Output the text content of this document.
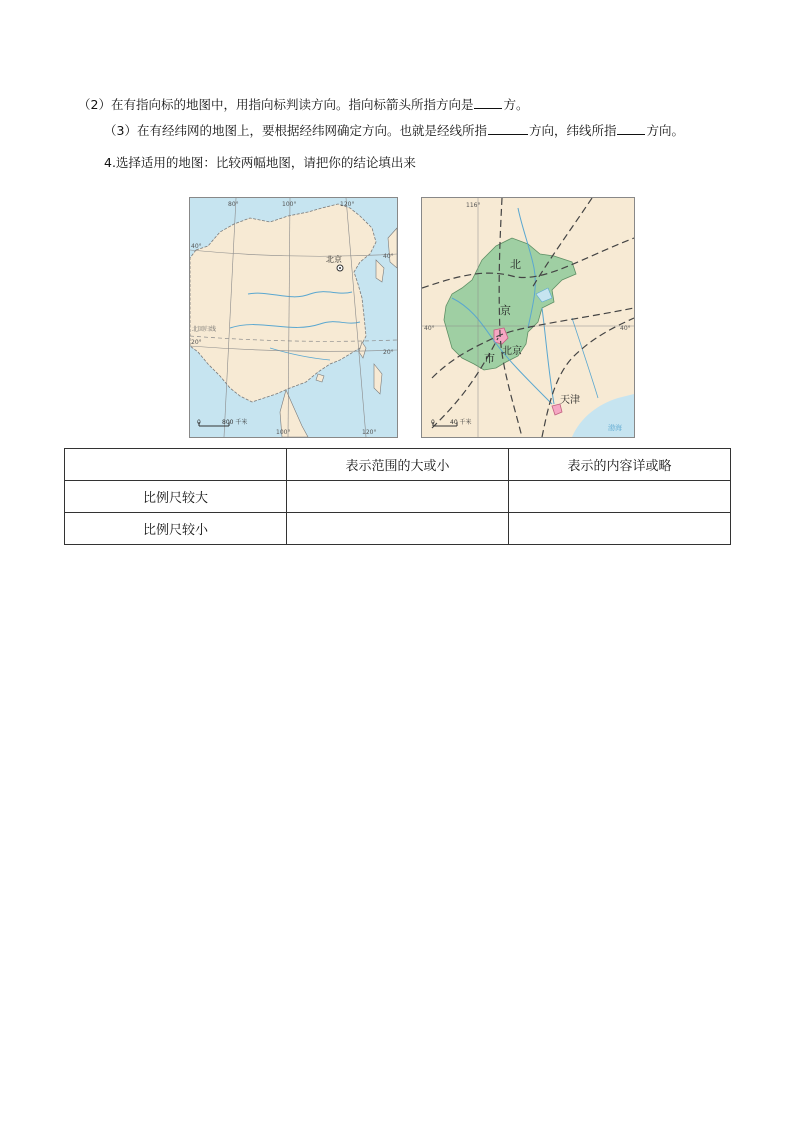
（2）在有指向标的地图中，用指向标判读方向。指向标箭头所指方向是 方。
（3）在有经纬网的地图上，要根据经纬网确定方向。也就是经线所指	方向，纬线所指 方向。
4.选择适用的地图：比较两幅地图，请把你的结论填出来
80°	100°	120°
100°	120°
40°
20°
40°
20°
北回归线
北京
0	800 千米
116°
40°	40°
北
京
市
北京
天津
渤海
0	40 千米
	表示范围的大或小	表示的内容详或略
比例尺较大		
比例尺较小		
